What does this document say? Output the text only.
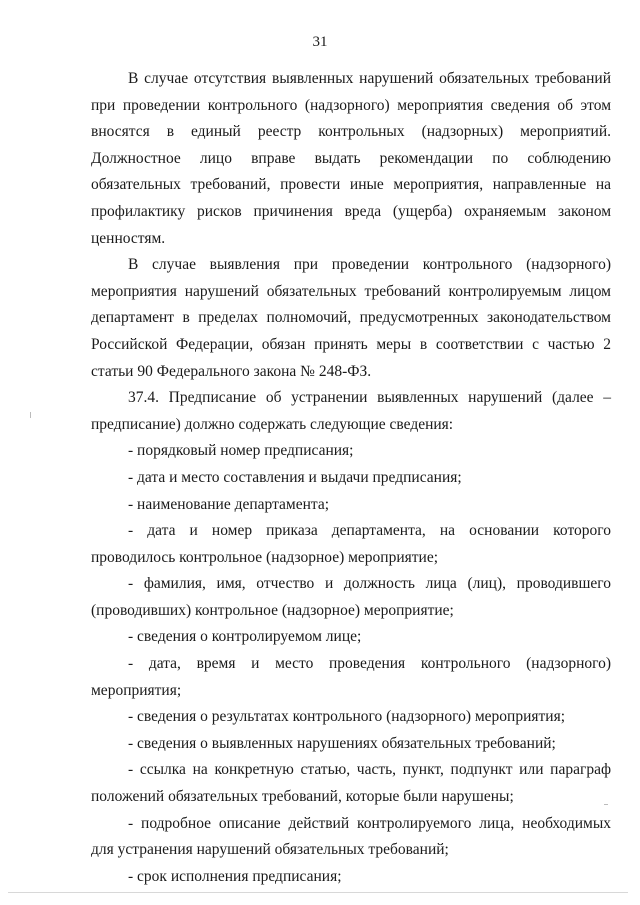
31

В случае отсутствия выявленных нарушений обязательных требований при проведении контрольного (надзорного) мероприятия сведения об этом вносятся в единый реестр контрольных (надзорных) мероприятий. Должностное лицо вправе выдать рекомендации по соблюдению обязательных требований, провести иные мероприятия, направленные на профилактику рисков причинения вреда (ущерба) охраняемым законом ценностям.

В случае выявления при проведении контрольного (надзорного) мероприятия нарушений обязательных требований контролируемым лицом департамент в пределах полномочий, предусмотренных законодательством Российской Федерации, обязан принять меры в соответствии с частью 2 статьи 90 Федерального закона № 248-ФЗ.

37.4. Предписание об устранении выявленных нарушений (далее – предписание) должно содержать следующие сведения:

- порядковый номер предписания;

- дата и место составления и выдачи предписания;

- наименование департамента;

- дата и номер приказа департамента, на основании которого проводилось контрольное (надзорное) мероприятие;

- фамилия, имя, отчество и должность лица (лиц), проводившего (проводивших) контрольное (надзорное) мероприятие;

- сведения о контролируемом лице;

- дата, время и место проведения контрольного (надзорного) мероприятия;

- сведения о результатах контрольного (надзорного) мероприятия;

- сведения о выявленных нарушениях обязательных требований;

- ссылка на конкретную статью, часть, пункт, подпункт или параграф положений обязательных требований, которые были нарушены;

- подробное описание действий контролируемого лица, необходимых для устранения нарушений обязательных требований;

- срок исполнения предписания;
